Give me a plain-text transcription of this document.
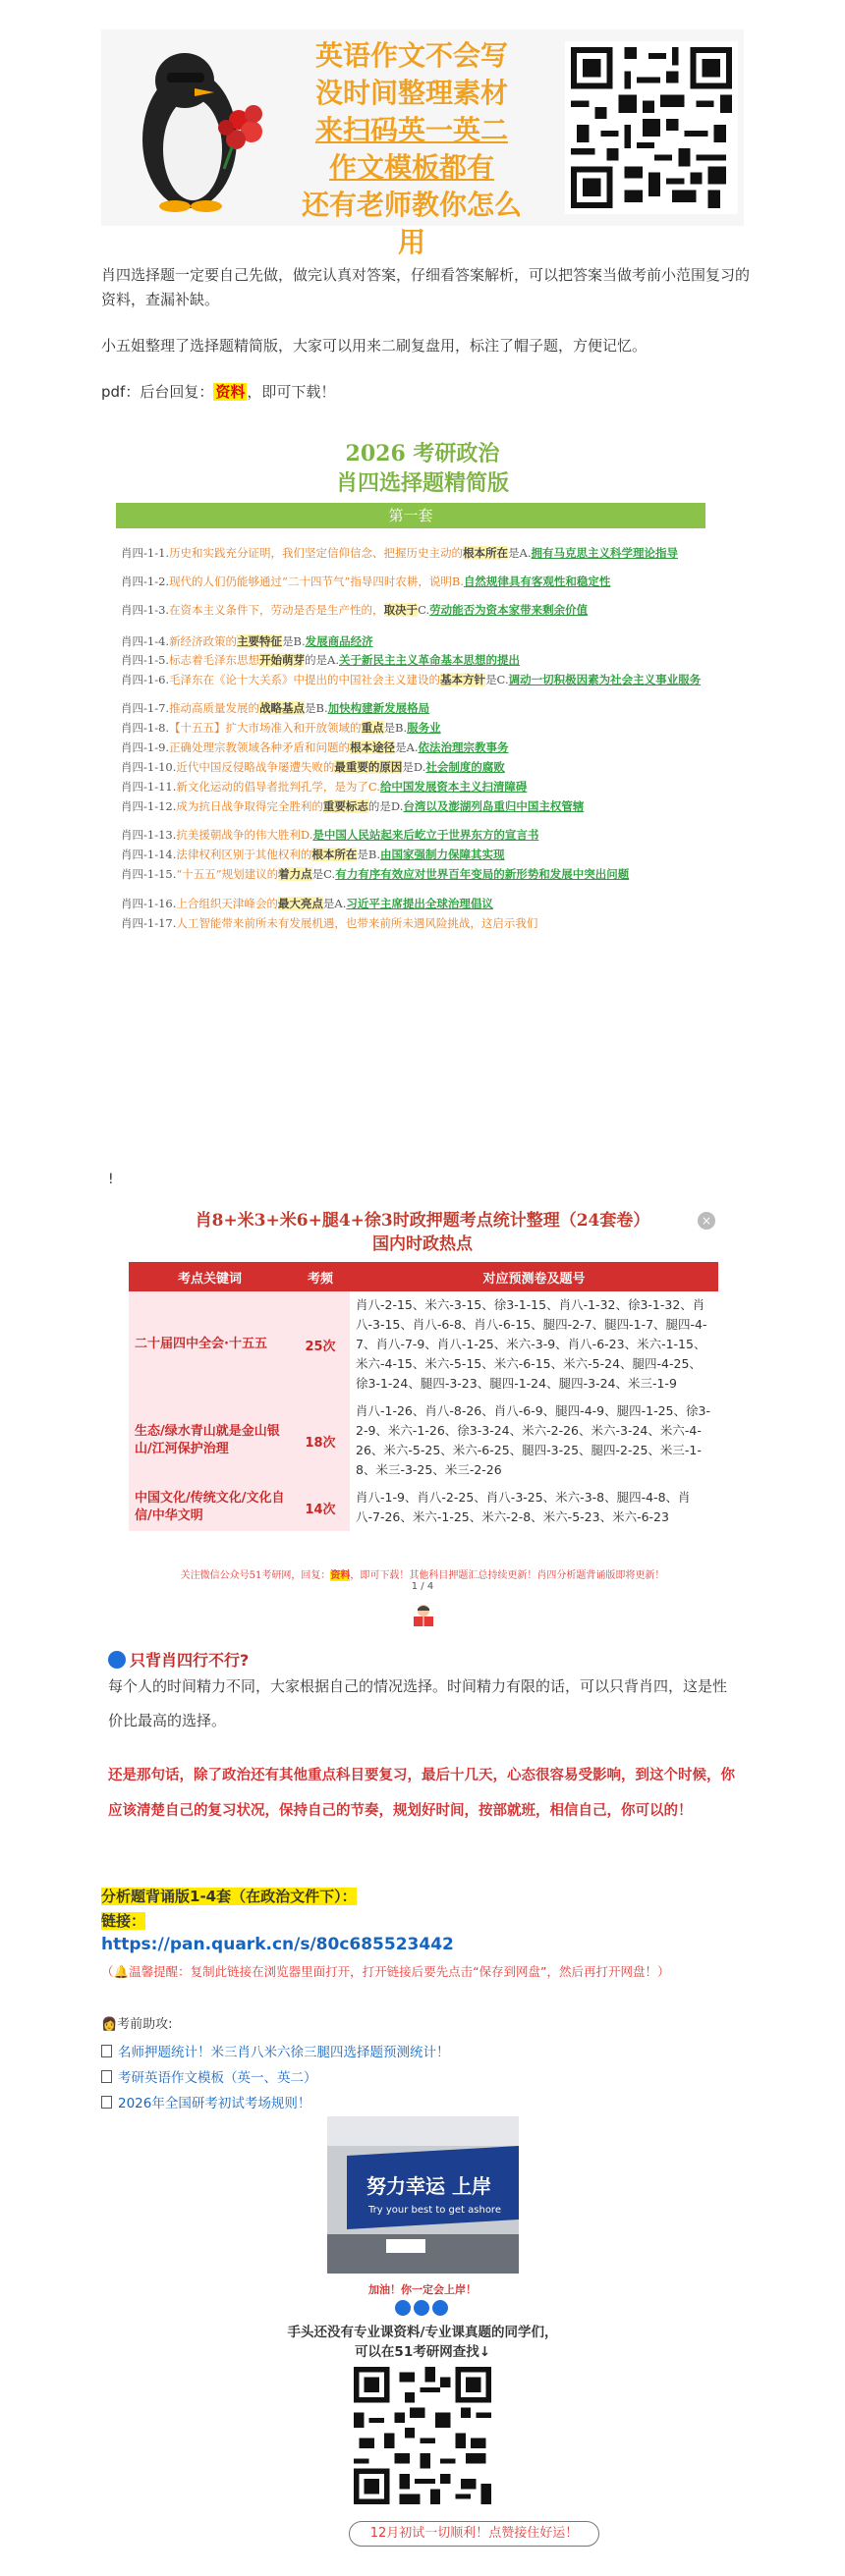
英语作文不会写
没时间整理素材
来扫码英一英二
作文模板都有
还有老师教你怎么用

肖四选择题一定要自己先做，做完认真对答案，仔细看答案解析，可以把答案当做考前小范围复习的资料，查漏补缺。

小五姐整理了选择题精简版，大家可以用来二刷复盘用，标注了帽子题，方便记忆。

pdf：后台回复： 资料 ，即可下载！

2026 考研政治
肖四选择题精简版
第一套
肖四-1-1.历史和实践充分证明，我们坚定信仰信念、把握历史主动的根本所在是A.拥有马克思主义科学理论指导
肖四-1-2.现代的人们仍能够通过“二十四节气”指导四时农耕，说明B.自然规律具有客观性和稳定性
肖四-1-3.在资本主义条件下，劳动是否是生产性的，取决于C.劳动能否为资本家带来剩余价值
肖四-1-4.新经济政策的主要特征是B.发展商品经济
肖四-1-5.标志着毛泽东思想开始萌芽的是A.关于新民主主义革命基本思想的提出
肖四-1-6.毛泽东在《论十大关系》中提出的中国社会主义建设的基本方针是C.调动一切积极因素为社会主义事业服务
肖四-1-7.推动高质量发展的战略基点是B.加快构建新发展格局
肖四-1-8.【十五五】扩大市场准入和开放领域的重点是B.服务业
肖四-1-9.正确处理宗教领域各种矛盾和问题的根本途径是A.依法治理宗教事务
肖四-1-10.近代中国反侵略战争屡遭失败的最重要的原因是D.社会制度的腐败
肖四-1-11.新文化运动的倡导者批判孔学，是为了C.给中国发展资本主义扫清障碍
肖四-1-12.成为抗日战争取得完全胜利的重要标志的是D.台湾以及澎湖列岛重归中国主权管辖
肖四-1-13.抗美援朝战争的伟大胜利D.是中国人民站起来后屹立于世界东方的宣言书
肖四-1-14.法律权利区别于其他权利的根本所在是B.由国家强制力保障其实现
肖四-1-15.“十五五”规划建议的着力点是C.有力有序有效应对世界百年变局的新形势和发展中突出问题
肖四-1-16.上合组织天津峰会的最大亮点是A.习近平主席提出全球治理倡议
肖四-1-17.人工智能带来前所未有发展机遇，也带来前所未遇风险挑战，这启示我们
!
肖8+米3+米6+腿4+徐3时政押题考点统计整理（24套卷）
国内时政热点
×
考点关键词	考频	对应预测卷及题号
二十届四中全会·十五五	25次	肖八-2-15、米六-3-15、徐3-1-15、肖八-1-32、徐3-1-32、肖八-3-15、肖八-6-8、肖八-6-15、腿四-2-7、腿四-1-7、腿四-4-7、肖八-7-9、肖八-1-25、米六-3-9、肖八-6-23、米六-1-15、米六-4-15、米六-5-15、米六-6-15、米六-5-24、腿四-4-25、徐3-1-24、腿四-3-23、腿四-1-24、腿四-3-24、米三-1-9
生态/绿水青山就是金山银山/江河保护治理	18次	肖八-1-26、肖八-8-26、肖八-6-9、腿四-4-9、腿四-1-25、徐3-2-9、米六-1-26、徐3-3-24、米六-2-26、米六-3-24、米六-4-26、米六-5-25、米六-6-25、腿四-3-25、腿四-2-25、米三-1-8、米三-3-25、米三-2-26
中国文化/传统文化/文化自信/中华文明	14次	肖八-1-9、肖八-2-25、肖八-3-25、米六-3-8、腿四-4-8、肖八-7-26、米六-1-25、米六-2-8、米六-5-23、米六-6-23
关注微信公众号51考研网，回复：资料，即可下载！其他科目押题汇总持续更新！肖四分析题背诵版即将更新！
1 / 4
只背肖四行不行?

每个人的时间精力不同，大家根据自己的情况选择。时间精力有限的话，可以只背肖四，这是性价比最高的选择。

还是那句话，除了政治还有其他重点科目要复习，最后十几天，心态很容易受影响，到这个时候，你应该清楚自己的复习状况，保持自己的节奏，规划好时间，按部就班，相信自己，你可以的！

分析题背诵版1-4套（在政治文件下）：
链接：
https://pan.quark.cn/s/80c685523442
（🔔温馨提醒：复制此链接在浏览器里面打开，打开链接后要先点击“保存到网盘”，然后再打开网盘！）
👩考前助攻:
名师押题统计！米三肖八米六徐三腿四选择题预测统计！
考研英语作文模板（英一、英二）
2026年全国研考初试考场规则！
努力幸运 上岸
Try your best to get ashore
加油！你一定会上岸！
手头还没有专业课资料/专业课真题的同学们，
可以在51考研网查找↓
12月初试一切顺利！点赞接住好运！
